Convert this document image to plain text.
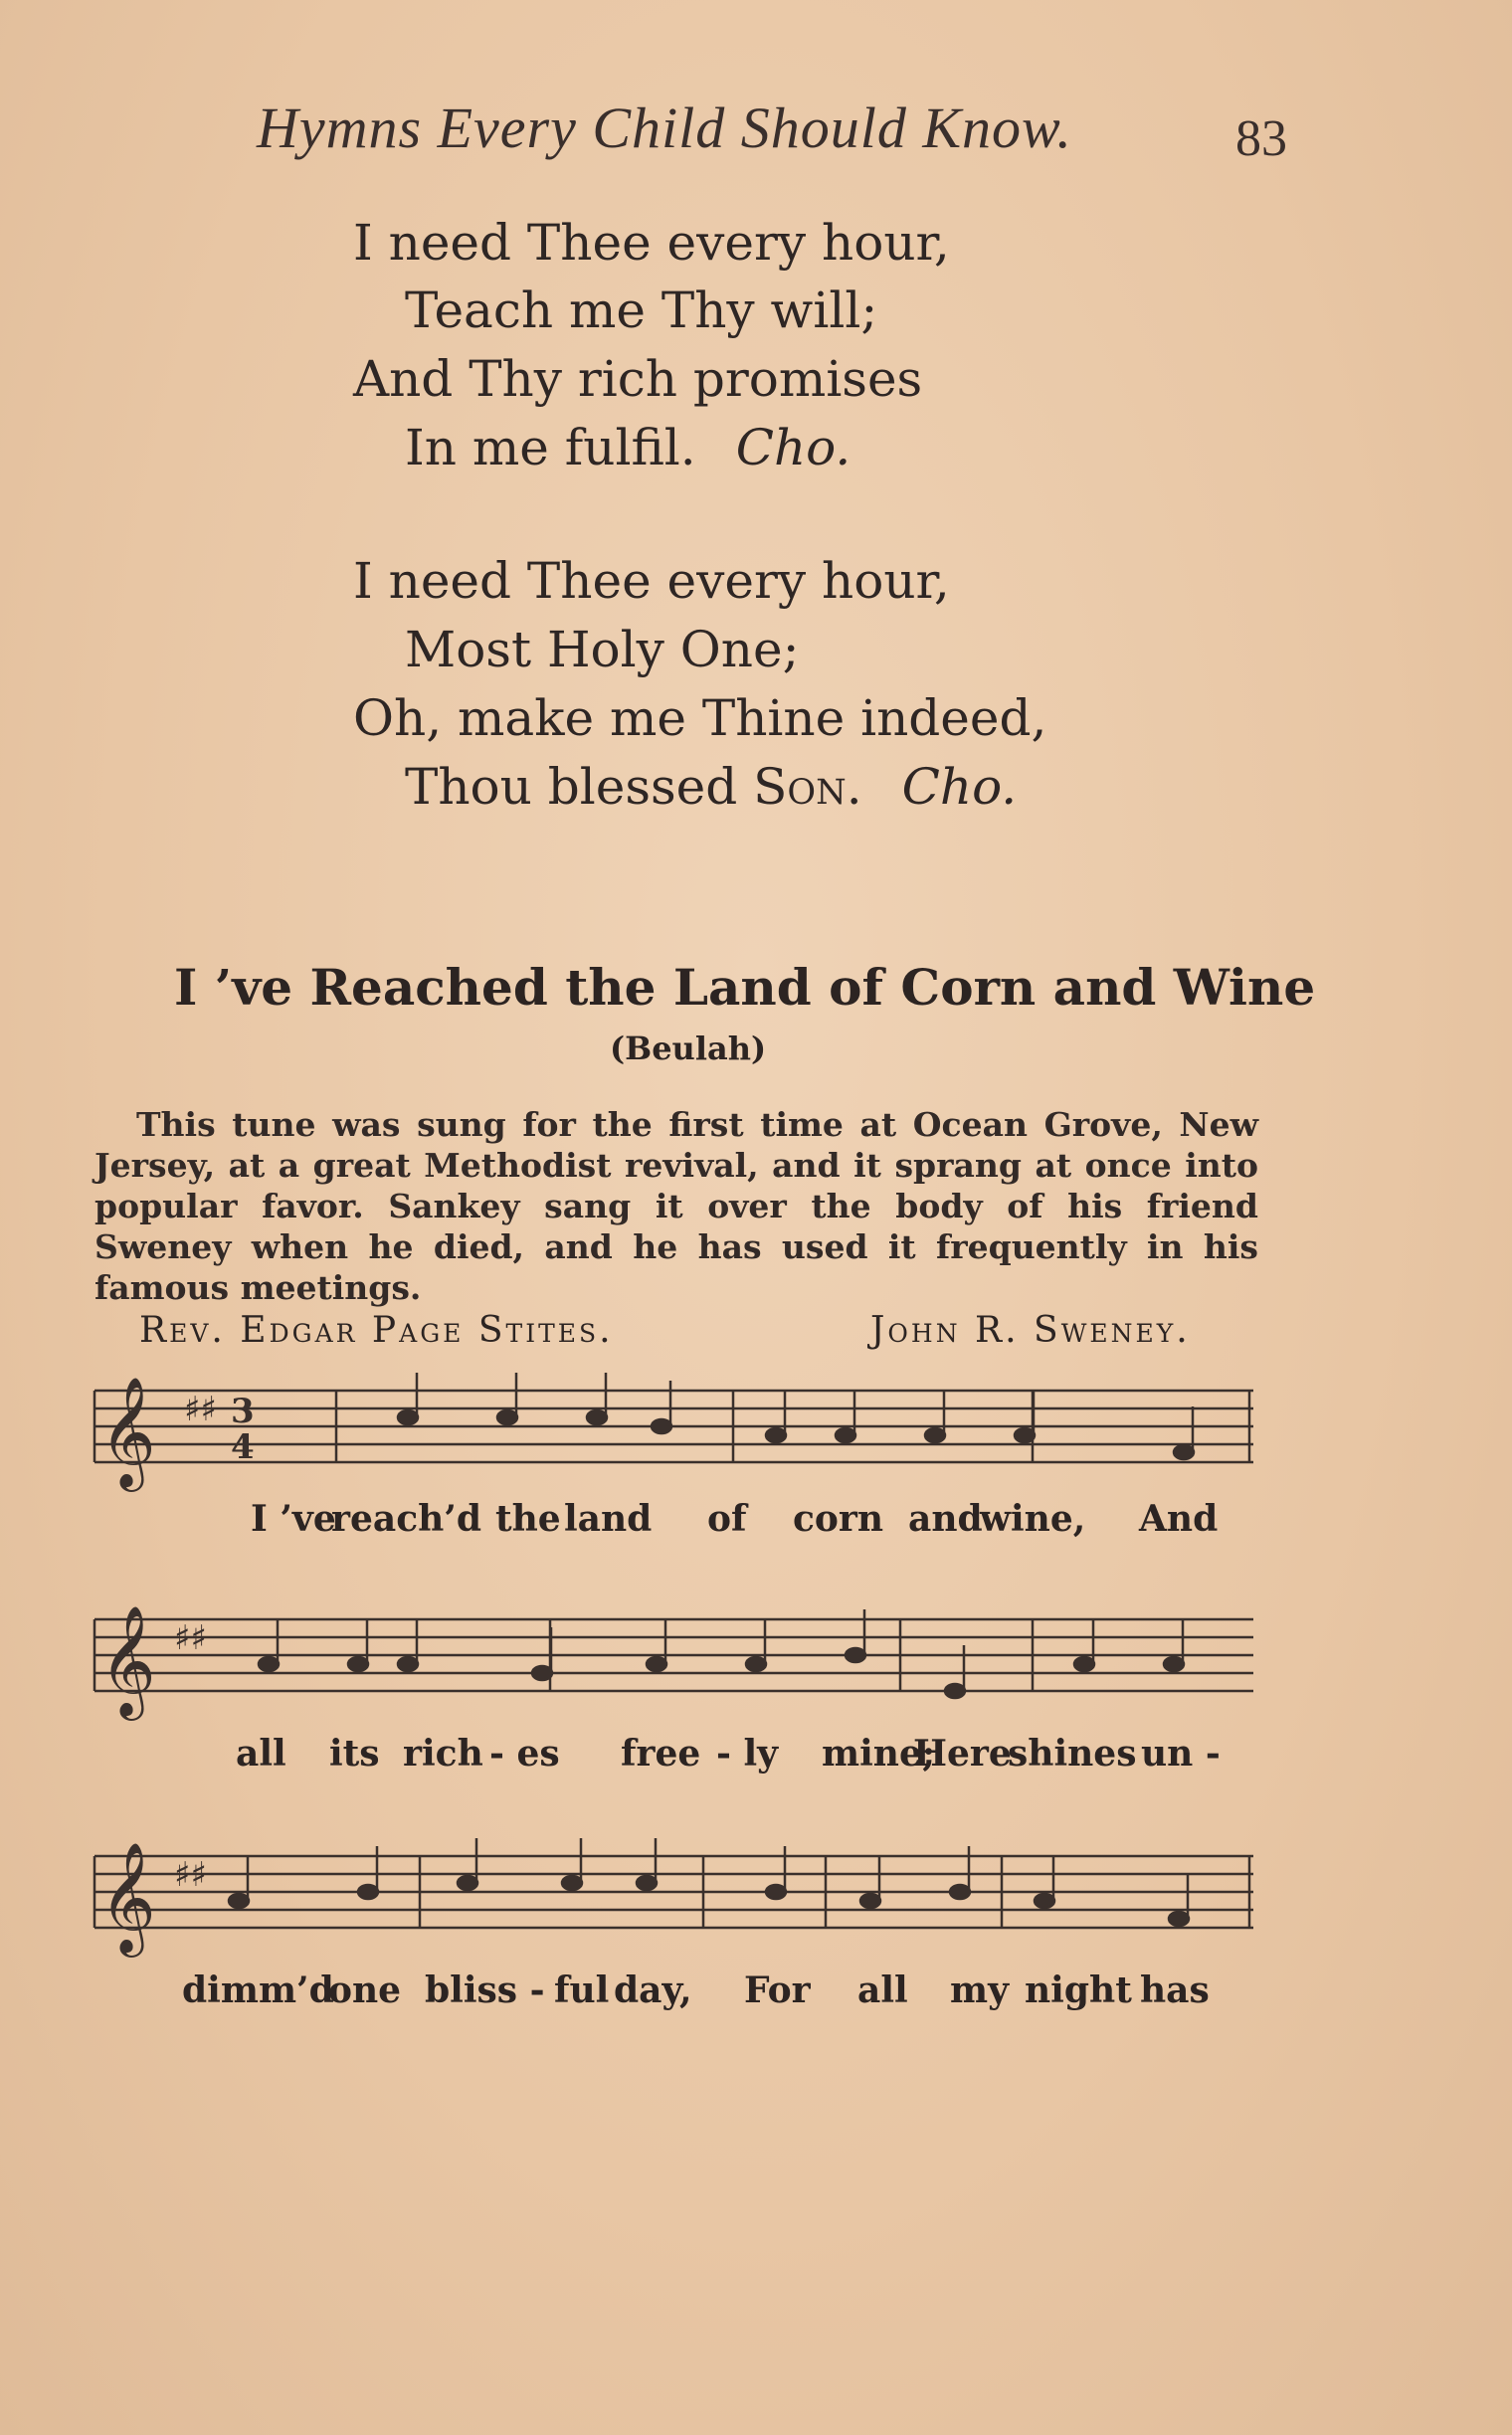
Hymns Every Child Should Know.	83
I need Thee every hour,
Teach me Thy will;
And Thy rich promises
In me fulfil. Cho.
I need Thee every hour,
Most Holy One;
Oh, make me Thine indeed,
Thou blessed Son. Cho.
I ’ve Reached the Land of Corn and Wine
(Beulah)
This tune was sung for the first time at Ocean Grove, New Jersey, at a great Methodist revival, and it sprang at once into popular favor. Sankey sang it over the body of his friend Sweney when he died, and he has used it frequently in his famous meetings.
Rev. Edgar Page Stites.	John R. Sweney.
𝄞 ♯♯ 3
4
I ’ve
reach’d the land of corn and
wine, And
𝄞 ♯♯
all its rich - es free - ly mine;
Here
shines un -
𝄞 ♯♯
dimm’d
one bliss - ful day, For all my night has
